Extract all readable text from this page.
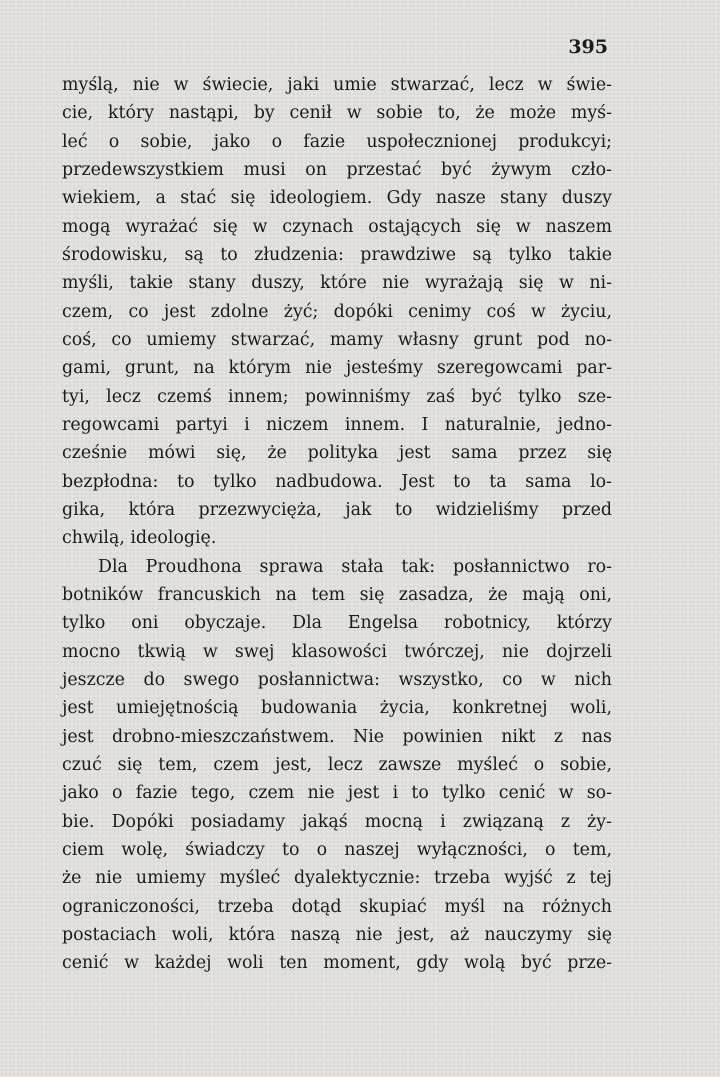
395
myślą, nie w świecie, jaki umie stwarzać, lecz w świe-
cie, który nastąpi, by cenił w sobie to, że może myś-
leć o sobie, jako o fazie uspołecznionej produkcyi;
przedewszystkiem musi on przestać być żywym czło-
wiekiem, a stać się ideologiem. Gdy nasze stany duszy
mogą wyrażać się w czynach ostających się w naszem
środowisku, są to złudzenia: prawdziwe są tylko takie
myśli, takie stany duszy, które nie wyrażają się w ni-
czem, co jest zdolne żyć; dopóki cenimy coś w życiu,
coś, co umiemy stwarzać, mamy własny grunt pod no-
gami, grunt, na którym nie jesteśmy szeregowcami par-
tyi, lecz czemś innem; powinniśmy zaś być tylko sze-
regowcami partyi i niczem innem. I naturalnie, jedno-
cześnie mówi się, że polityka jest sama przez się
bezpłodna: to tylko nadbudowa. Jest to ta sama lo-
gika, która przezwycięża, jak to widzieliśmy przed
chwilą, ideologię.
Dla Proudhona sprawa stała tak: posłannictwo ro-
botników francuskich na tem się zasadza, że mają oni,
tylko oni obyczaje. Dla Engelsa robotnicy, którzy
mocno tkwią w swej klasowości twórczej, nie dojrzeli
jeszcze do swego posłannictwa: wszystko, co w nich
jest umiejętnością budowania życia, konkretnej woli,
jest drobno-mieszczaństwem. Nie powinien nikt z nas
czuć się tem, czem jest, lecz zawsze myśleć o sobie,
jako o fazie tego, czem nie jest i to tylko cenić w so-
bie. Dopóki posiadamy jakąś mocną i związaną z ży-
ciem wolę, świadczy to o naszej wyłączności, o tem,
że nie umiemy myśleć dyalektycznie: trzeba wyjść z tej
ograniczoności, trzeba dotąd skupiać myśl na różnych
postaciach woli, która naszą nie jest, aż nauczymy się
cenić w każdej woli ten moment, gdy wolą być prze-
